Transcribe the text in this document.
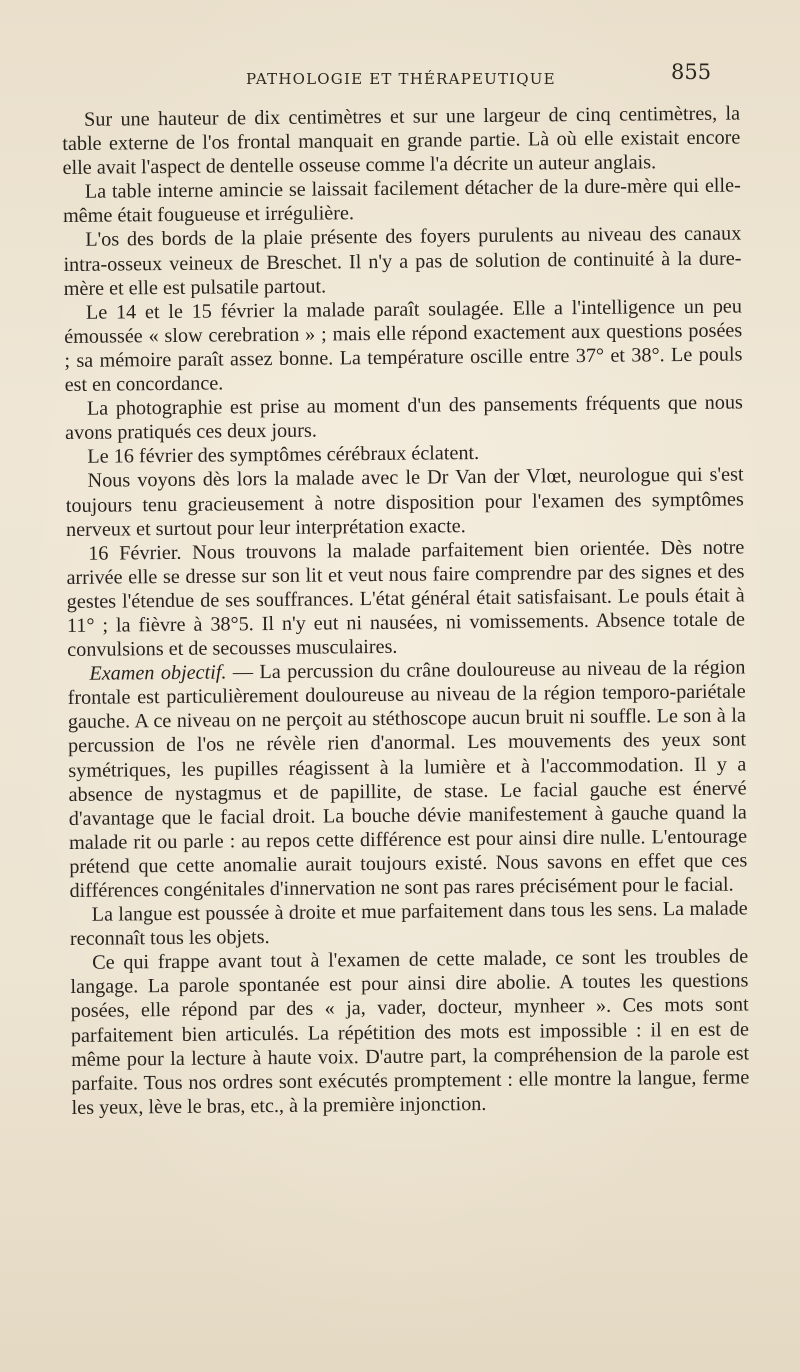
PATHOLOGIE ET THÉRAPEUTIQUE	855

Sur une hauteur de dix centimètres et sur une largeur de cinq centimètres, la table externe de l'os frontal manquait en grande partie. Là où elle existait encore elle avait l'aspect de dentelle osseuse comme l'a décrite un auteur anglais.

La table interne amincie se laissait facilement détacher de la dure-mère qui elle-même était fougueuse et irrégulière.

L'os des bords de la plaie présente des foyers purulents au niveau des canaux intra-osseux veineux de Breschet. Il n'y a pas de solution de continuité à la dure-mère et elle est pulsatile partout.

Le 14 et le 15 février la malade paraît soulagée. Elle a l'intelligence un peu émoussée « slow cerebration » ; mais elle répond exactement aux questions posées ; sa mémoire paraît assez bonne. La température oscille entre 37° et 38°. Le pouls est en concordance.

La photographie est prise au moment d'un des pansements fréquents que nous avons pratiqués ces deux jours.

Le 16 février des symptômes cérébraux éclatent.

Nous voyons dès lors la malade avec le Dr Van der Vlœt, neurologue qui s'est toujours tenu gracieusement à notre disposition pour l'examen des symptômes nerveux et surtout pour leur interprétation exacte.

16 Février. Nous trouvons la malade parfaitement bien orientée. Dès notre arrivée elle se dresse sur son lit et veut nous faire comprendre par des signes et des gestes l'étendue de ses souffrances. L'état général était satisfaisant. Le pouls était à 11° ; la fièvre à 38°5. Il n'y eut ni nausées, ni vomissements. Absence totale de convulsions et de secousses musculaires.

Examen objectif. — La percussion du crâne douloureuse au niveau de la région frontale est particulièrement douloureuse au niveau de la région temporo-pariétale gauche. A ce niveau on ne perçoit au stéthoscope aucun bruit ni souffle. Le son à la percussion de l'os ne révèle rien d'anormal. Les mouvements des yeux sont symétriques, les pupilles réagissent à la lumière et à l'accommodation. Il y a absence de nystagmus et de papillite, de stase. Le facial gauche est énervé d'avantage que le facial droit. La bouche dévie manifestement à gauche quand la malade rit ou parle : au repos cette différence est pour ainsi dire nulle. L'entourage prétend que cette anomalie aurait toujours existé. Nous savons en effet que ces différences congénitales d'innervation ne sont pas rares précisément pour le facial.

La langue est poussée à droite et mue parfaitement dans tous les sens. La malade reconnaît tous les objets.

Ce qui frappe avant tout à l'examen de cette malade, ce sont les troubles de langage. La parole spontanée est pour ainsi dire abolie. A toutes les questions posées, elle répond par des « ja, vader, docteur, mynheer ». Ces mots sont parfaitement bien articulés. La répétition des mots est impossible : il en est de même pour la lecture à haute voix. D'autre part, la compréhension de la parole est parfaite. Tous nos ordres sont exécutés promptement : elle montre la langue, ferme les yeux, lève le bras, etc., à la première injonction.
